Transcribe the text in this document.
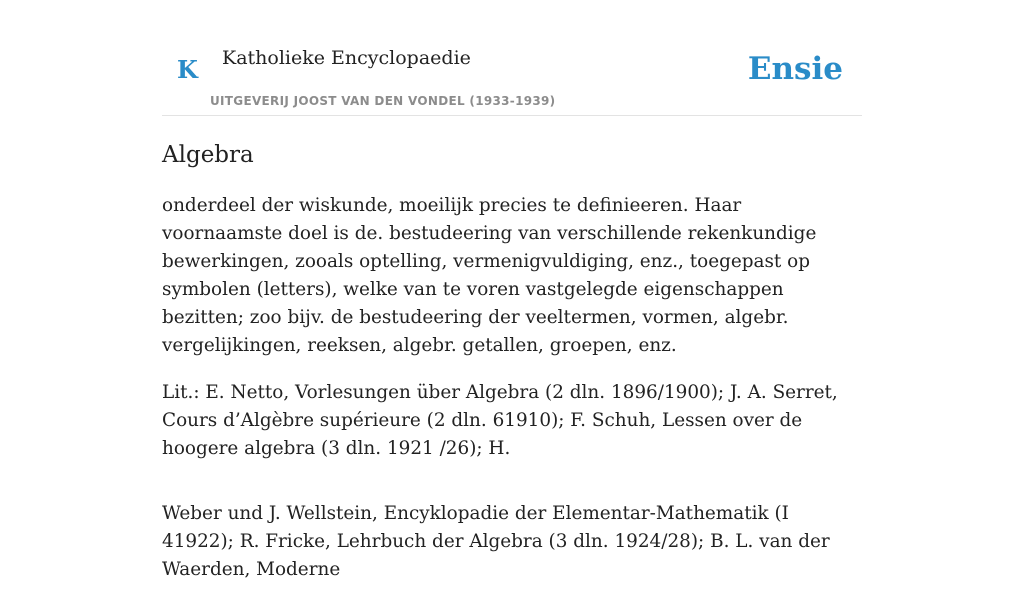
K Katholieke Encyclopaedie
UITGEVERIJ JOOST VAN DEN VONDEL (1933-1939)
Ensie
Algebra

onderdeel der wiskunde, moeilijk precies te definieeren. Haar voornaamste doel is de. bestudeering van verschillende rekenkundige bewerkingen, zooals optelling, vermenigvuldiging, enz., toegepast op symbolen (letters), welke van te voren vastgelegde eigenschappen bezitten; zoo bijv. de bestudeering der veeltermen, vormen, algebr. vergelijkingen, reeksen, algebr. getallen, groepen, enz.

Lit.: E. Netto, Vorlesungen über Algebra (2 dln. 1896/1900); J. A. Serret, Cours d’Algèbre supérieure (2 dln. 61910); F. Schuh, Lessen over de hoogere algebra (3 dln. 1921 /26); H.

Weber und J. Wellstein, Encyklopadie der Elementar-Mathematik (I 41922); R. Fricke, Lehrbuch der Algebra (3 dln. 1924/28); B. L. van der Waerden, Moderne
